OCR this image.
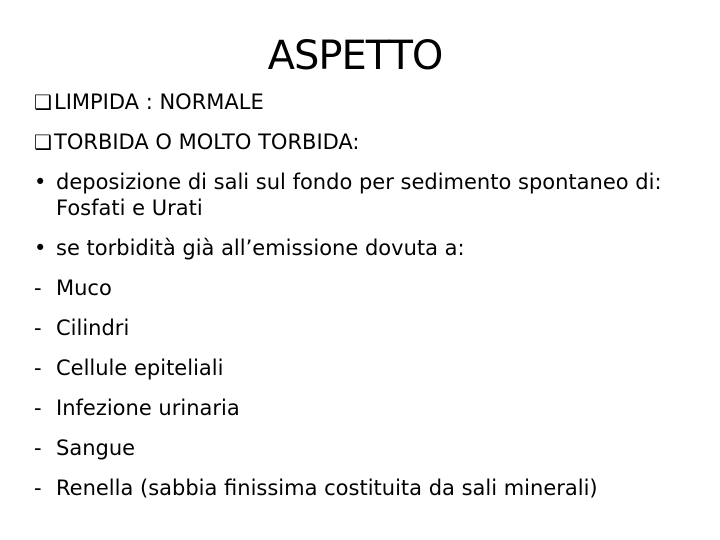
ASPETTO
❑ LIMPIDA : NORMALE
❑ TORBIDA O MOLTO TORBIDA:
• deposizione di sali sul fondo per sedimento spontaneo di: Fosfati e Urati
• se torbidità già all’emissione dovuta a:
- Muco
- Cilindri
- Cellule epiteliali
- Infezione urinaria
- Sangue
- Renella (sabbia finissima costituita da sali minerali)
